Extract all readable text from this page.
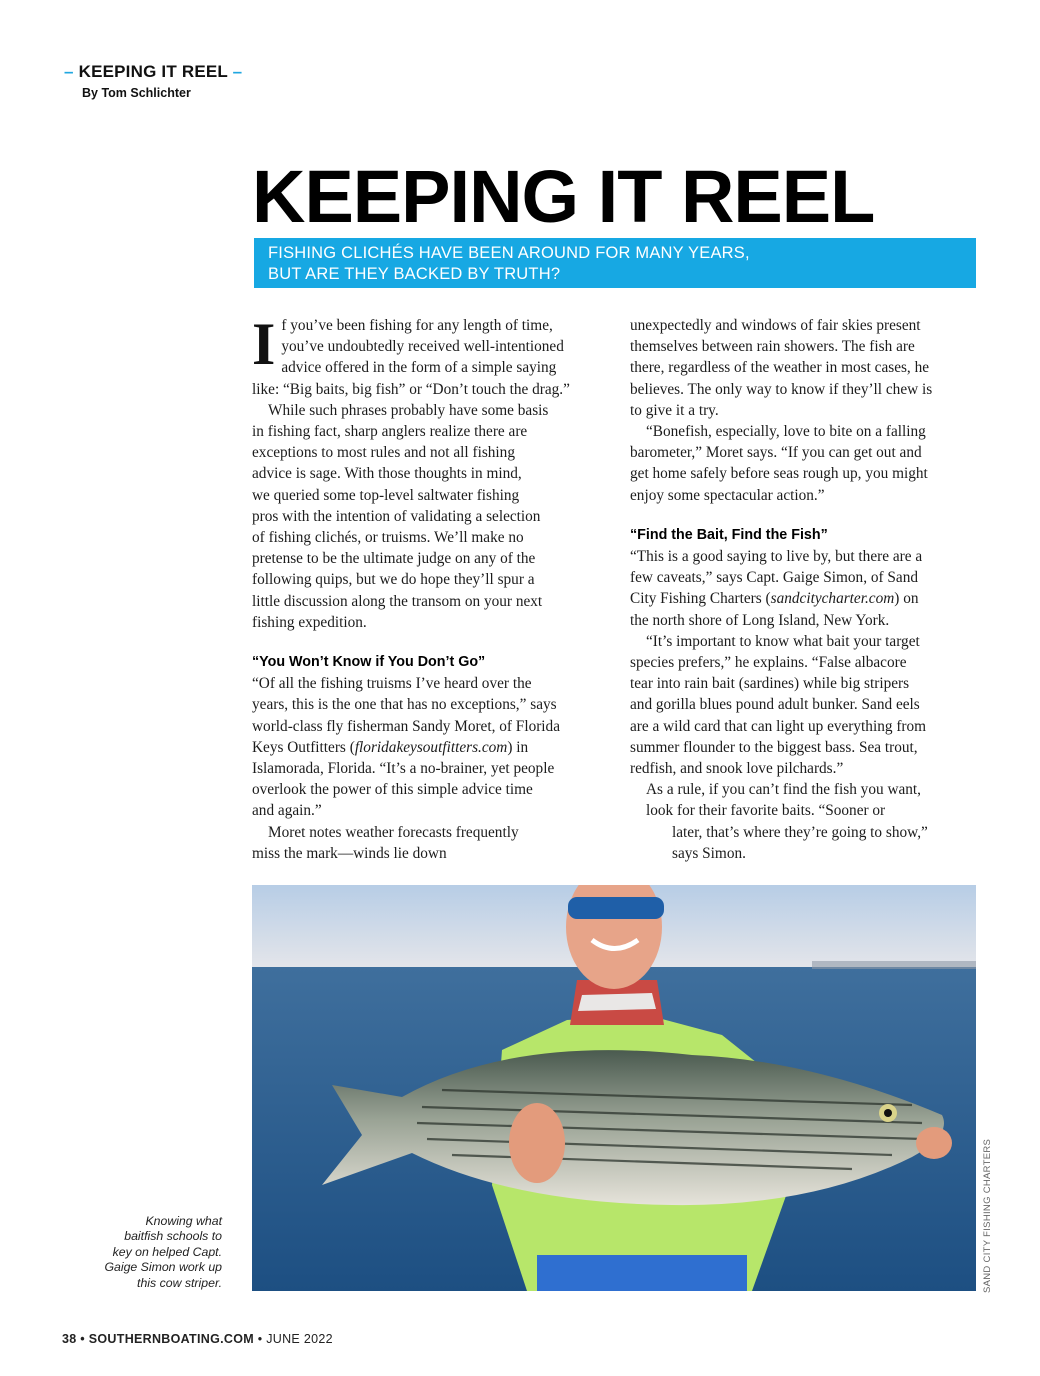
– KEEPING IT REEL –
By Tom Schlichter
KEEPING IT REEL
FISHING CLICHÉS HAVE BEEN AROUND FOR MANY YEARS,
BUT ARE THEY BACKED BY TRUTH?

I f you’ve been fishing for any length of time,
you’ve undoubtedly received well-intentioned
advice offered in the form of a simple saying
like: “Big baits, big fish” or “Don’t touch the drag.”

While such phrases probably have some basis
in fishing fact, sharp anglers realize there are
exceptions to most rules and not all fishing
advice is sage. With those thoughts in mind,
we queried some top-level saltwater fishing
pros with the intention of validating a selection
of fishing clichés, or truisms. We’ll make no
pretense to be the ultimate judge on any of the
following quips, but we do hope they’ll spur a
little discussion along the transom on your next
fishing expedition.

“You Won’t Know if You Don’t Go”

“Of all the fishing truisms I’ve heard over the
years, this is the one that has no exceptions,” says
world-class fly fisherman Sandy Moret, of Florida
Keys Outfitters (floridakeysoutfitters.com) in
Islamorada, Florida. “It’s a no-brainer, yet people
overlook the power of this simple advice time
and again.”

Moret notes weather forecasts frequently
miss the mark—winds lie down

unexpectedly and windows of fair skies present
themselves between rain showers. The fish are
there, regardless of the weather in most cases, he
believes. The only way to know if they’ll chew is
to give it a try.

“Bonefish, especially, love to bite on a falling
barometer,” Moret says. “If you can get out and
get home safely before seas rough up, you might
enjoy some spectacular action.”

“Find the Bait, Find the Fish”

“This is a good saying to live by, but there are a
few caveats,” says Capt. Gaige Simon, of Sand
City Fishing Charters (sandcitycharter.com) on
the north shore of Long Island, New York.

“It’s important to know what bait your target
species prefers,” he explains. “False albacore
tear into rain bait (sardines) while big stripers
and gorilla blues pound adult bunker. Sand eels
are a wild card that can light up everything from
summer flounder to the biggest bass. Sea trout,
redfish, and snook love pilchards.”

As a rule, if you can’t find the fish you want,
look for their favorite baits. “Sooner or
later, that’s where they’re going to show,”
says Simon.

SAND CITY FISHING CHARTERS
Knowing what
baitfish schools to
key on helped Capt.
Gaige Simon work up
this cow striper.
38 • SOUTHERNBOATING.COM • JUNE 2022
